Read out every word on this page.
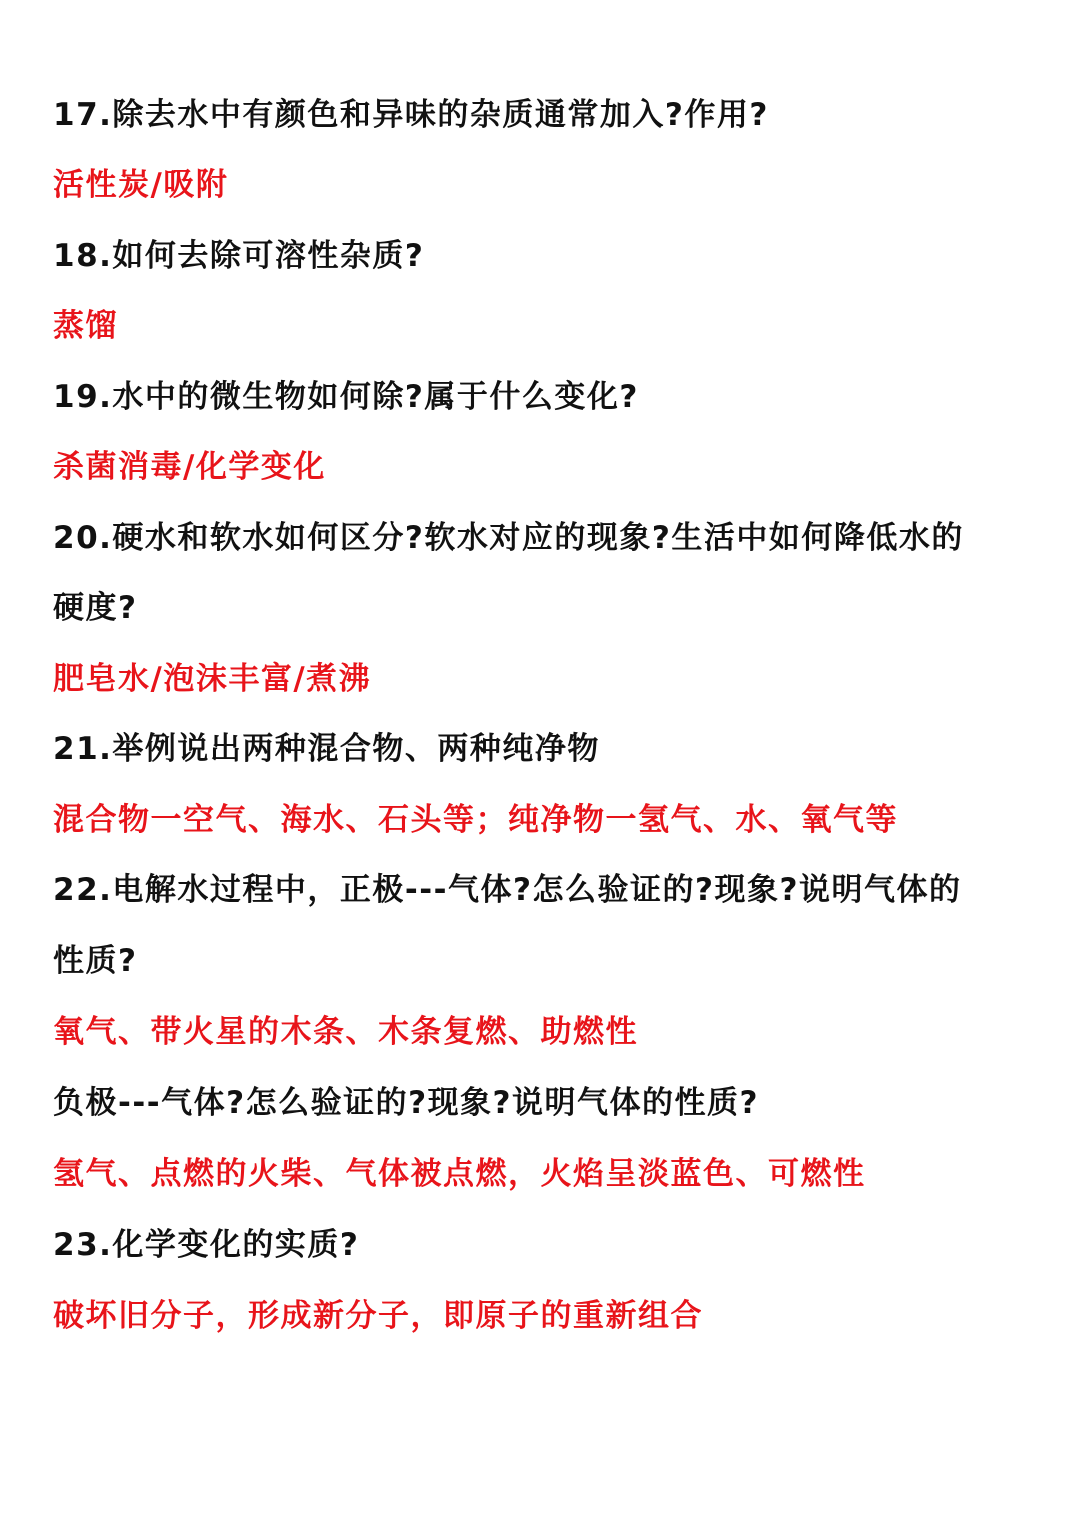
17.除去水中有颜色和异味的杂质通常加入?作用?
活性炭/吸附
18.如何去除可溶性杂质?
蒸馏
19.水中的微生物如何除?属于什么变化?
杀菌消毒/化学变化
20.硬水和软水如何区分?软水对应的现象?生活中如何降低水的
硬度?
肥皂水/泡沫丰富/煮沸
21.举例说出两种混合物、两种纯净物
混合物一空气、海水、石头等；纯净物一氢气、水、氧气等
22.电解水过程中，正极---气体?怎么验证的?现象?说明气体的
性质?
氧气、带火星的木条、木条复燃、助燃性
负极---气体?怎么验证的?现象?说明气体的性质?
氢气、点燃的火柴、气体被点燃，火焰呈淡蓝色、可燃性
23.化学变化的实质?
破坏旧分子，形成新分子，即原子的重新组合
